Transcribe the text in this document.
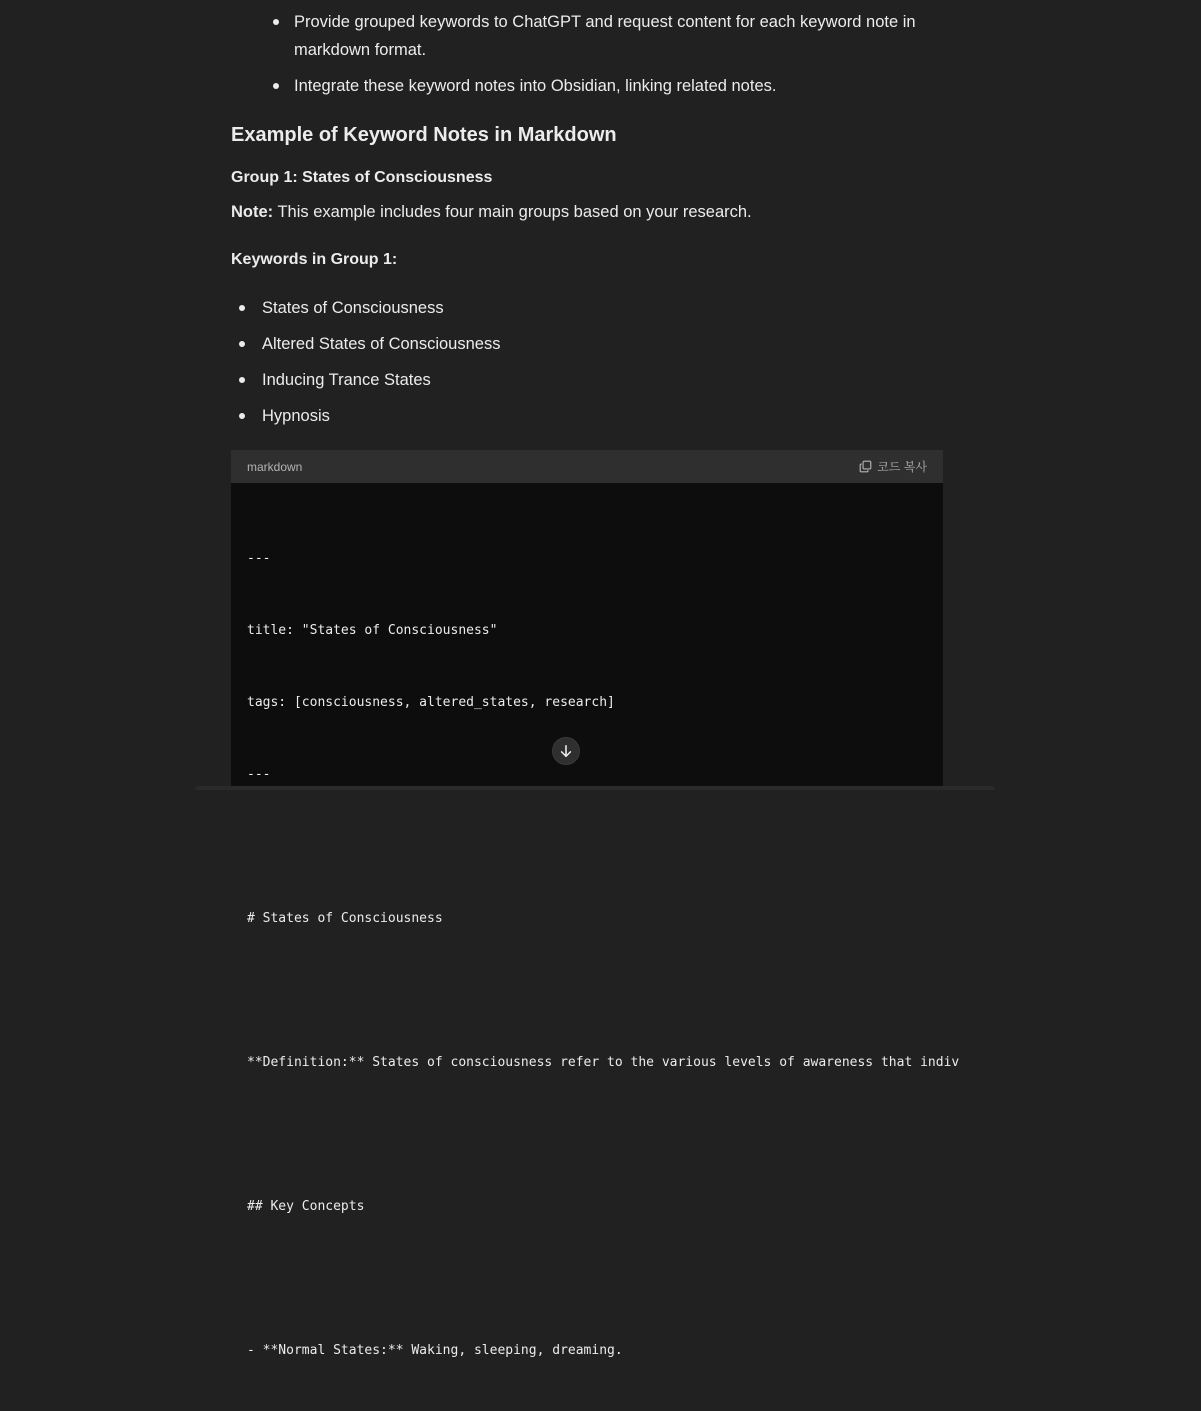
Provide grouped keywords to ChatGPT and request content for each keyword note in markdown format.
Integrate these keyword notes into Obsidian, linking related notes.
Example of Keyword Notes in Markdown

Group 1: States of Consciousness

Note: This example includes four main groups based on your research.

Keywords in Group 1:

States of Consciousness
Altered States of Consciousness
Inducing Trance States
Hypnosis
markdown	코드 복사

---

title: "States of Consciousness"

tags: [consciousness, altered_states, research]

---

# States of Consciousness

**Definition:** States of consciousness refer to the various levels of awareness that indiv

## Key Concepts

- **Normal States:** Waking, sleeping, dreaming.
